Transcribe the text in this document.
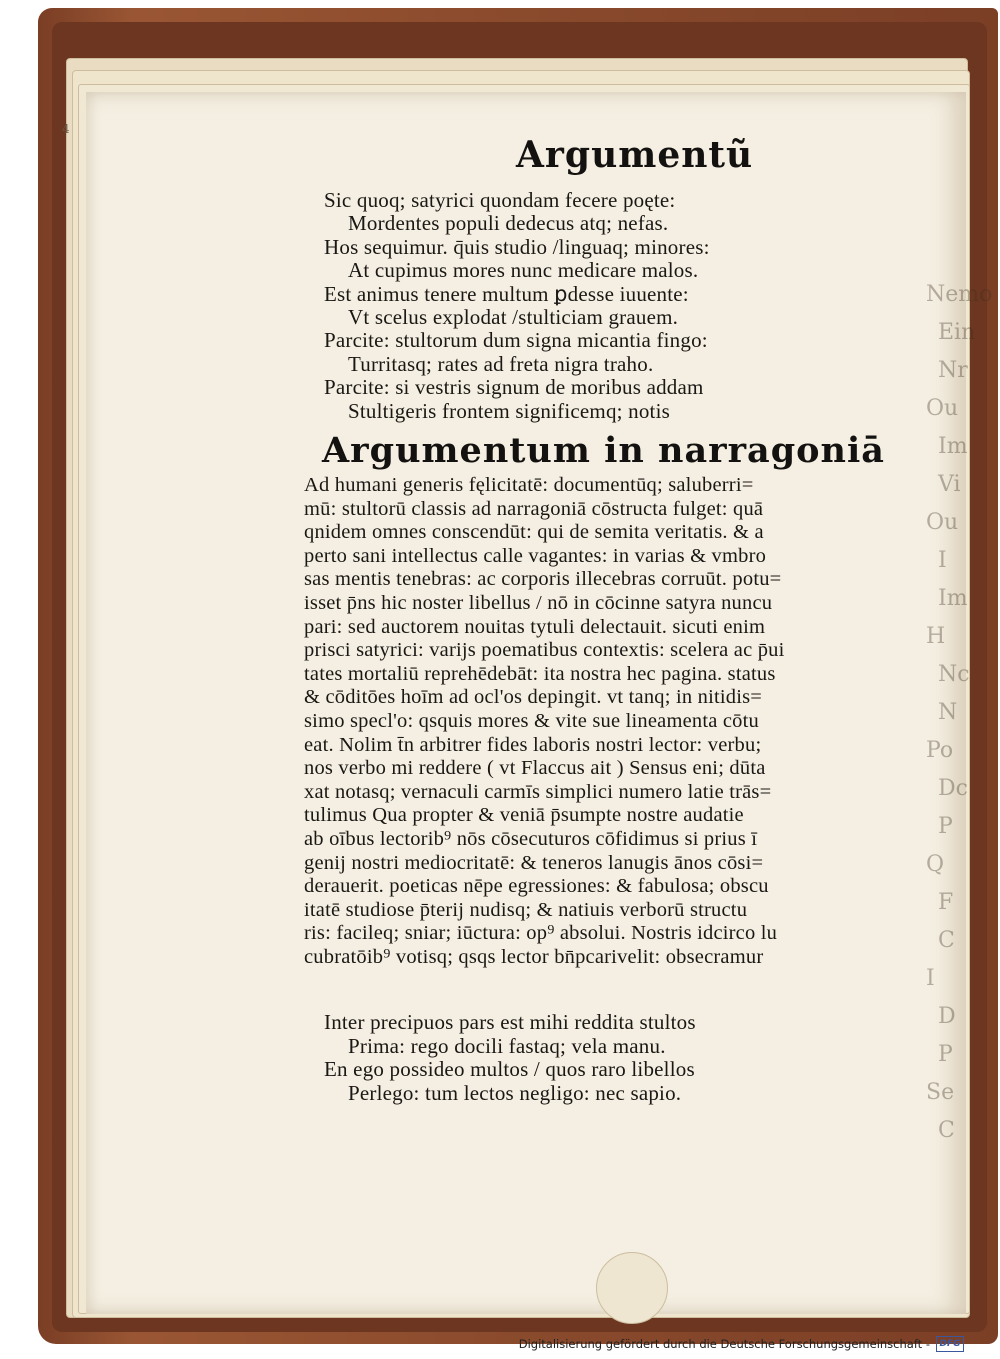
Nemo
Ein
Nr
Ou
Im
Vi
Ou
I
Im
H
Nc
N
Po
Dc
P
Q
F
C
I
D
P
Se
C
Argumentũ
Sic quoq; satyrici quondam fecere poęte:
Mordentes populi dedecus atq; nefas.
Hos sequimur. q̄uis studio /linguaq; minores:
At cupimus mores nunc medicare malos.
Est animus tenere multum ꝑdesse iuuente:
Vt scelus explodat /stulticiam grauem.
Parcite: stultorum dum signa micantia fingo:
Turritasq; rates ad freta nigra traho.
Parcite: si vestris signum de moribus addam
Stultigeris frontem significemq; notis
Argumentum in narragoniā
Ad humani generis fęlicitatē: documentūq; saluberri=
mū: stultorū classis ad narragoniā cōstructa fulget: quā
qnidem omnes conscendūt: qui de semita veritatis. & a
perto sani intellectus calle vagantes: in varias & vmbro
sas mentis tenebras: ac corporis illecebras corruūt. potu=
isset p̄ns hic noster libellus / nō in cōcinne satyra nuncu
pari: sed auctorem nouitas tytuli delectauit. sicuti enim
prisci satyrici: varijs poematibus contextis: scelera ac p̄ui
tates mortaliū reprehēdebāt: ita nostra hec pagina. status
& cōditōes hoīm ad ocl'os depingit. vt tanq; in nitidis=
simo specl'o: qsquis mores & vite sue lineamenta cōtu
eat. Nolim t̄n arbitrer fides laboris nostri lector: verbu;
nos verbo mi reddere ( vt Flaccus ait ) Sensus eni; dūta
xat notasq; vernaculi carmīs simplici numero latie trās=
tulimus Qua propter & veniā p̄sumpte nostre audatie
ab oībus lectorib⁹ nōs cōsecuturos cōfidimus si prius ī
genij nostri mediocritatē: & teneros lanugis ānos cōsi=
derauerit. poeticas nēpe egressiones: & fabulosa; obscu
itatē studiose p̄terij nudisq; & natiuis verborū structu
ris: facileq; sniar; iūctura: op⁹ absolui. Nostris idcirco lu
cubratōib⁹ votisq; qsqs lector bn̄pcarivelit: obsecramur
Inter precipuos pars est mihi reddita stultos
Prima: rego docili fastaq; vela manu.
En ego possideo multos / quos raro libellos
Perlego: tum lectos negligo: nec sapio.
4
Digitalisierung gefördert durch die Deutsche Forschungsgemeinschaft -	DFG
